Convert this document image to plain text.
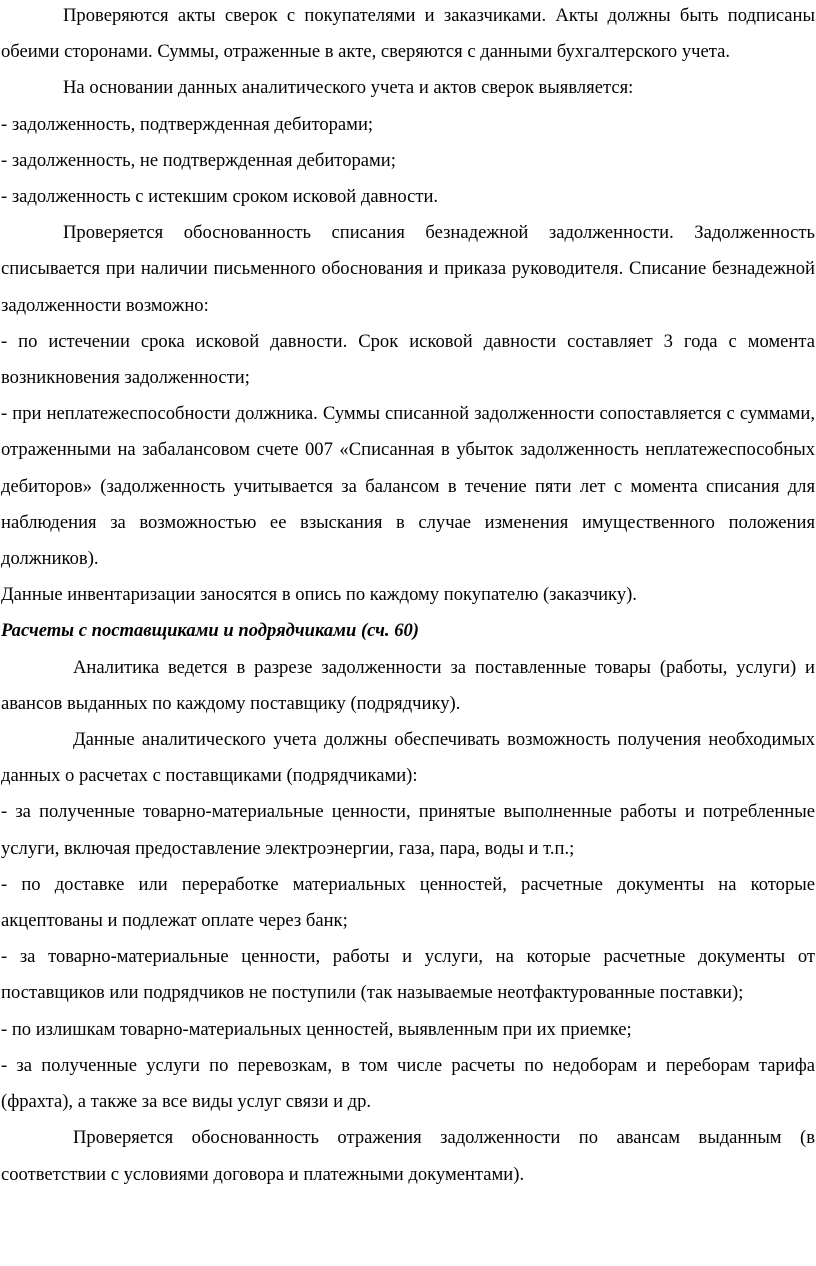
Проверяются акты сверок с покупателями и заказчиками. Акты должны быть подписаны обеими сторонами. Суммы, отраженные в акте, сверяются с данными бухгалтерского учета.

На основании данных аналитического учета и актов сверок выявляется:

- задолженность, подтвержденная дебиторами;

- задолженность, не подтвержденная дебиторами;

- задолженность с истекшим сроком исковой давности.

Проверяется обоснованность списания безнадежной задолженности. Задолженность списывается при наличии письменного обоснования и приказа руководителя. Списание безнадежной задолженности возможно:

- по истечении срока исковой давности. Срок исковой давности составляет 3 года с момента возникновения задолженности;

- при неплатежеспособности должника. Суммы списанной задолженности сопоставляется с суммами, отраженными на забалансовом счете 007 «Списанная в убыток задолженность неплатежеспособных дебиторов» (задолженность учитывается за балансом в течение пяти лет с момента списания для наблюдения за возможностью ее взыскания в случае изменения имущественного положения должников).

Данные инвентаризации заносятся в опись по каждому покупателю (заказчику).

Расчеты с поставщиками и подрядчиками (сч. 60)

Аналитика ведется в разрезе задолженности за поставленные товары (работы, услуги) и авансов выданных по каждому поставщику (подрядчику).

Данные аналитического учета должны обеспечивать возможность получения необходимых данных о расчетах с поставщиками (подрядчиками):

- за полученные товарно-материальные ценности, принятые выполненные работы и потребленные услуги, включая предоставление электроэнергии, газа, пара, воды и т.п.;

- по доставке или переработке материальных ценностей, расчетные документы на которые акцептованы и подлежат оплате через банк;

- за товарно-материальные ценности, работы и услуги, на которые расчетные документы от поставщиков или подрядчиков не поступили (так называемые неотфактурованные поставки);

- по излишкам товарно-материальных ценностей, выявленным при их приемке;

- за полученные услуги по перевозкам, в том числе расчеты по недоборам и переборам тарифа (фрахта), а также за все виды услуг связи и др.

Проверяется обоснованность отражения задолженности по авансам выданным (в соответствии с условиями договора и платежными документами).
